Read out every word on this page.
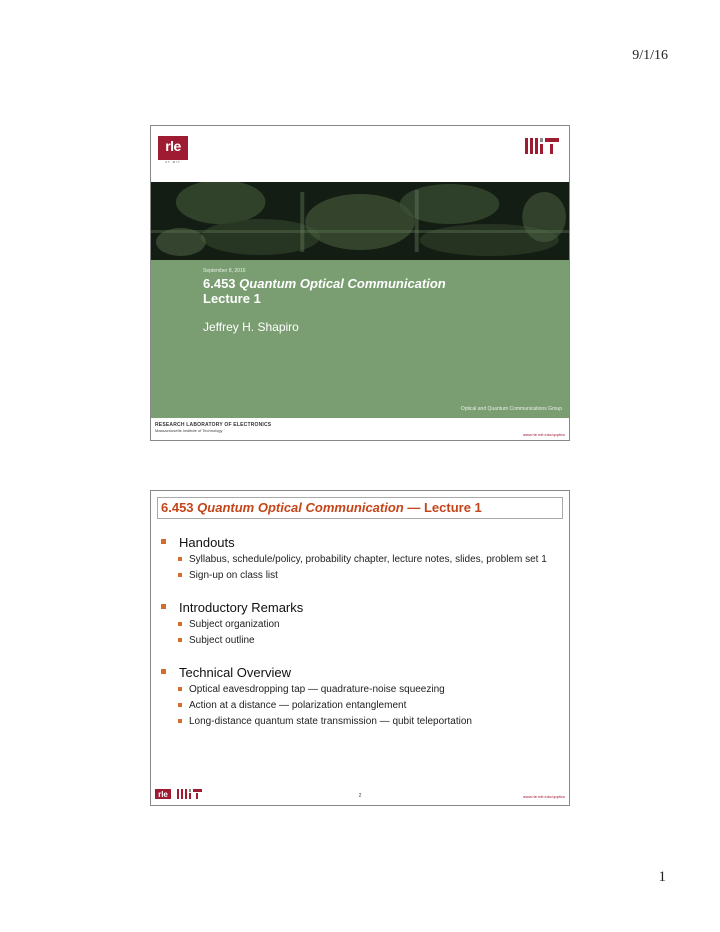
9/1/16
rle
AT MIT
September 8, 2016
6.453 Quantum Optical Communication
Lecture 1
Jeffrey H. Shapiro
Optical and Quantum Communications Group
RESEARCH LABORATORY OF ELECTRONICS
Massachusetts Institute of Technology
www.rle.mit.edu/qoptics
6.453 Quantum Optical Communication — Lecture 1
Handouts
Syllabus, schedule/policy, probability chapter, lecture notes, slides, problem set 1
Sign-up on class list
Introductory Remarks
Subject organization
Subject outline
Technical Overview
Optical eavesdropping tap — quadrature-noise squeezing
Action at a distance — polarization entanglement
Long-distance quantum state transmission — qubit teleportation
rle	2	www.rle.mit.edu/qoptics
1
